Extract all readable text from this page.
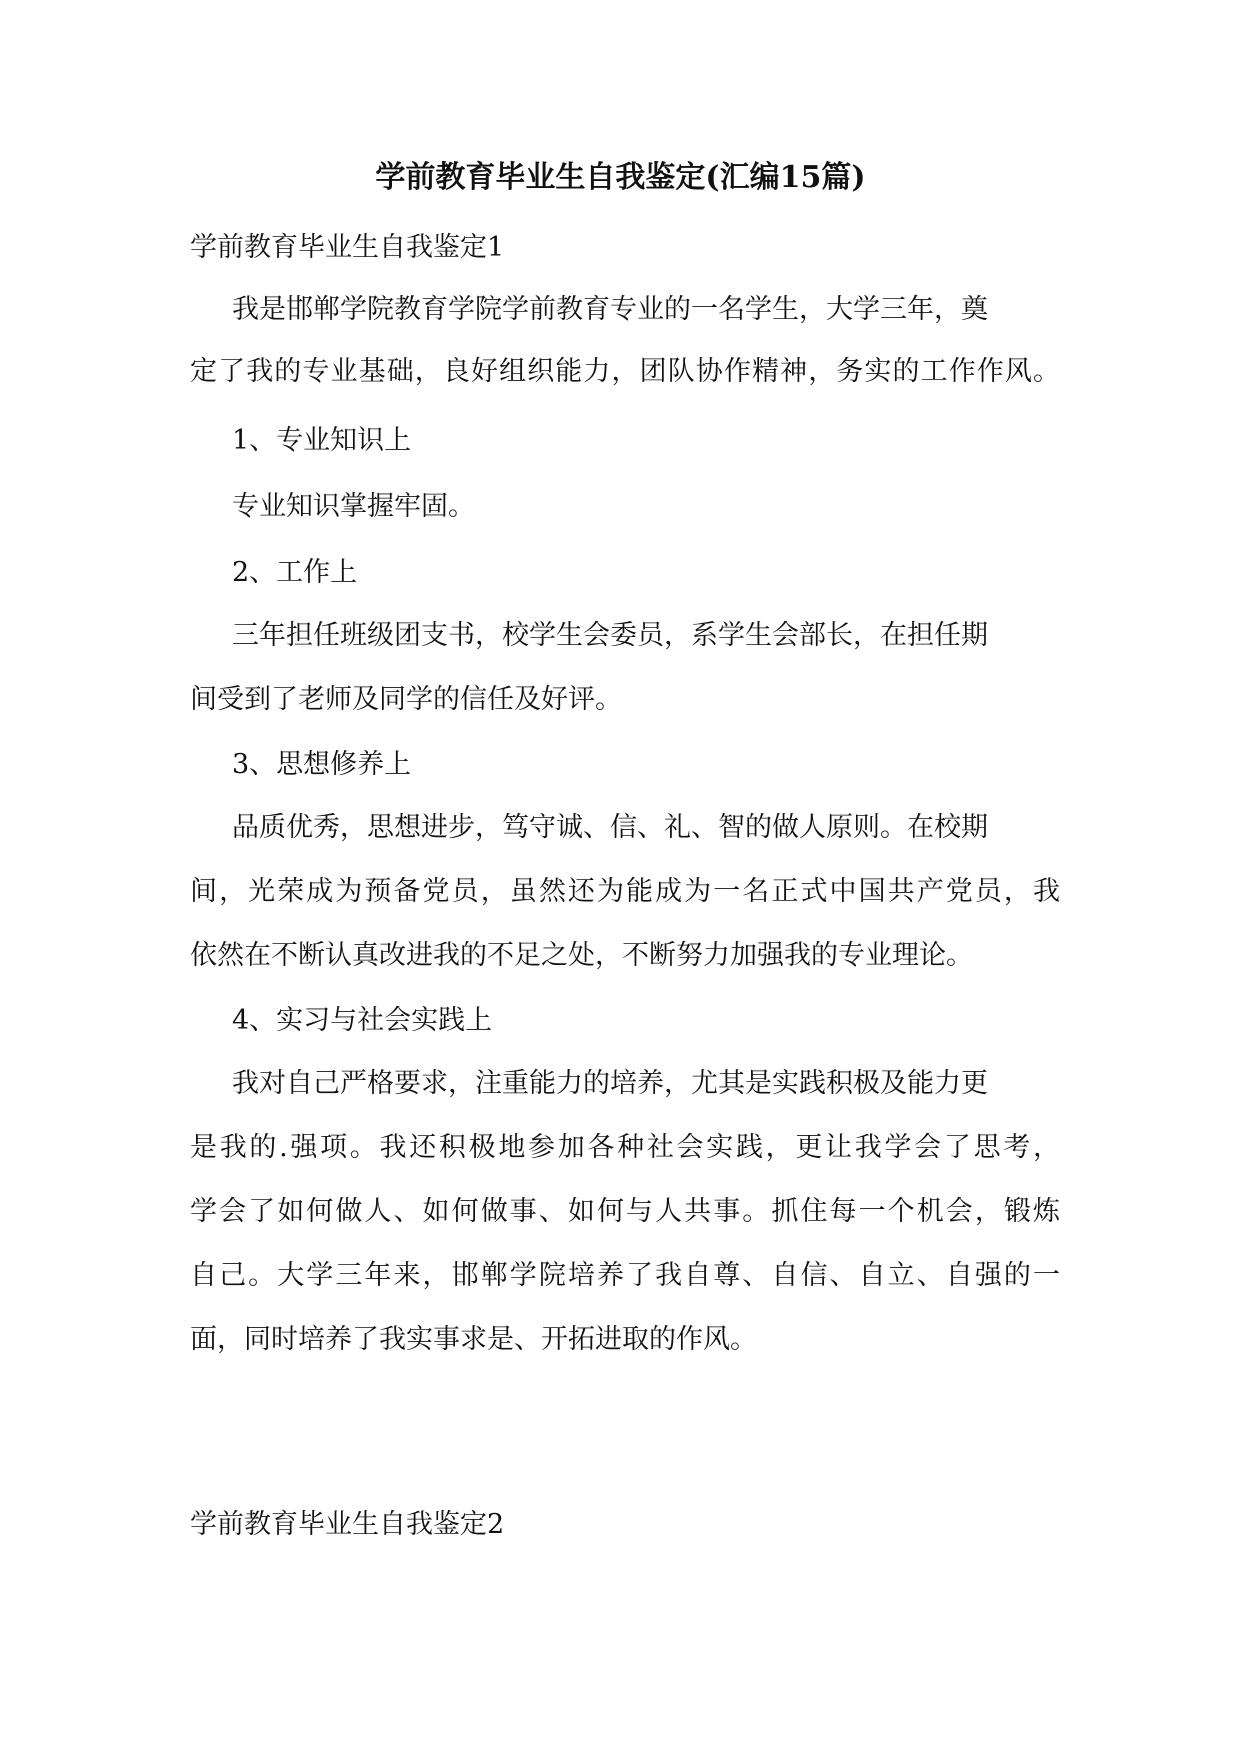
学前教育毕业生自我鉴定(汇编15篇)

学前教育毕业生自我鉴定1

我是邯郸学院教育学院学前教育专业的一名学生，大学三年，奠

定了我的专业基础，良好组织能力，团队协作精神，务实的工作作风。

1、专业知识上

专业知识掌握牢固。

2、工作上

三年担任班级团支书，校学生会委员，系学生会部长，在担任期

间受到了老师及同学的信任及好评。

3、思想修养上

品质优秀，思想进步，笃守诚、信、礼、智的做人原则。在校期

间，光荣成为预备党员，虽然还为能成为一名正式中国共产党员，我

依然在不断认真改进我的不足之处，不断努力加强我的专业理论。

4、实习与社会实践上

我对自己严格要求，注重能力的培养，尤其是实践积极及能力更

是我的.强项。我还积极地参加各种社会实践，更让我学会了思考，

学会了如何做人、如何做事、如何与人共事。抓住每一个机会，锻炼

自己。大学三年来，邯郸学院培养了我自尊、自信、自立、自强的一

面，同时培养了我实事求是、开拓进取的作风。

学前教育毕业生自我鉴定2
